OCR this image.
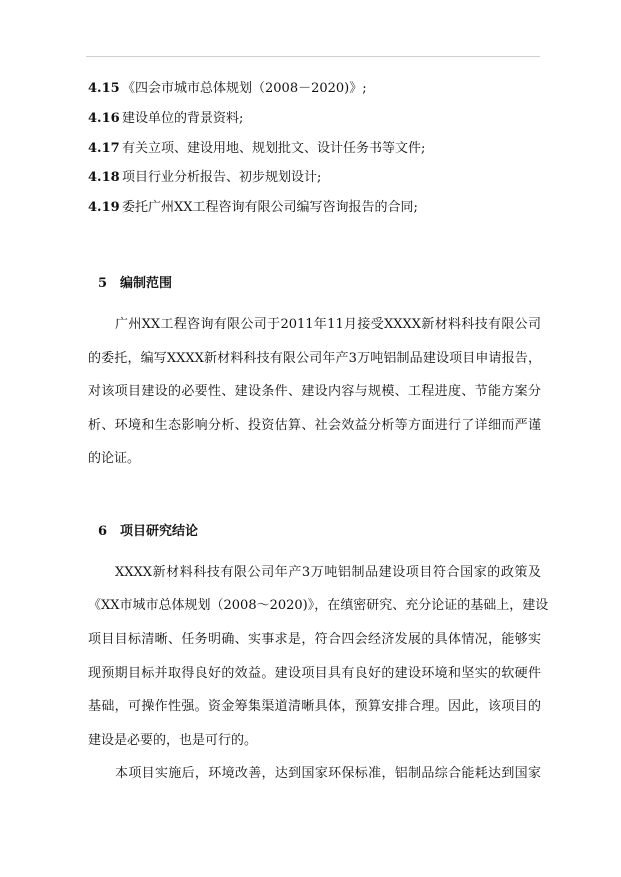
4.15 《四会市城市总体规划（2008－2020)》;
4.16 建设单位的背景资料;
4.17 有关立项、建设用地、规划批文、设计任务书等文件;
4.18 项目行业分析报告、初步规划设计;
4.19 委托广州XX工程咨询有限公司编写咨询报告的合同;
5 编制范围
广州XX工程咨询有限公司于2011年11月接受XXXX新材料科技有限公司
的委托，编写XXXX新材料科技有限公司年产3万吨铝制品建设项目申请报告，
对该项目建设的必要性、建设条件、建设内容与规模、工程进度、节能方案分
析、环境和生态影响分析、投资估算、社会效益分析等方面进行了详细而严谨
的论证。
6 项目研究结论
XXXX新材料科技有限公司年产3万吨铝制品建设项目符合国家的政策及
《XX市城市总体规划（2008～2020)》，在缜密研究、充分论证的基础上，建设
项目目标清晰、任务明确、实事求是，符合四会经济发展的具体情况，能够实
现预期目标并取得良好的效益。建设项目具有良好的建设环境和坚实的软硬件
基础，可操作性强。资金筹集渠道清晰具体，预算安排合理。因此，该项目的
建设是必要的，也是可行的。
本项目实施后，环境改善，达到国家环保标准，铝制品综合能耗达到国家
